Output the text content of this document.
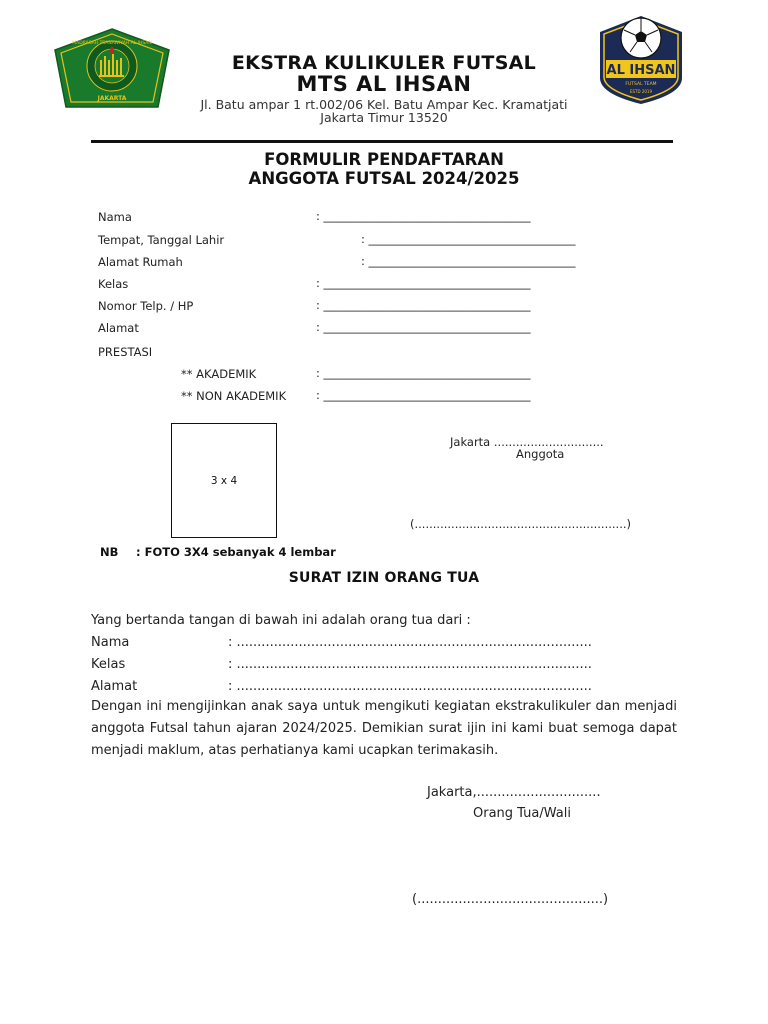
MADRASAH TSANAWIYAH AL IHSAN
JAKARTA
AL IHSAN
FUTSAL TEAM
ESTD 2019
EKSTRA KULIKULER FUTSAL
MTS AL IHSAN
Jl. Batu ampar 1 rt.002/06 Kel. Batu Ampar Kec. Kramatjati
Jakarta Timur 13520
FORMULIR PENDAFTARAN
ANGGOTA FUTSAL 2024/2025
Nama	: ____________________________________
Tempat, Tanggal Lahir	: ____________________________________
Alamat Rumah	: ____________________________________
Kelas	: ____________________________________
Nomor Telp. / HP	: ____________________________________
Alamat	: ____________________________________
PRESTASI
** AKADEMIK	: ____________________________________
** NON AKADEMIK	: ____________________________________
3 x 4
Jakarta ..............................
Anggota
(..........................................................)
NB : FOTO 3X4 sebanyak 4 lembar
SURAT IZIN ORANG TUA
Yang bertanda tangan di bawah ini adalah orang tua dari :
Nama	: ......................................................................................
Kelas	: ......................................................................................
Alamat	: ......................................................................................
Dengan ini mengijinkan anak saya untuk mengikuti kegiatan ekstrakulikuler dan menjadi anggota Futsal tahun ajaran 2024/2025. Demikian surat ijin ini kami buat semoga dapat menjadi maklum, atas perhatianya kami ucapkan terimakasih.
Jakarta,..............................
Orang Tua/Wali
(.............................................)
